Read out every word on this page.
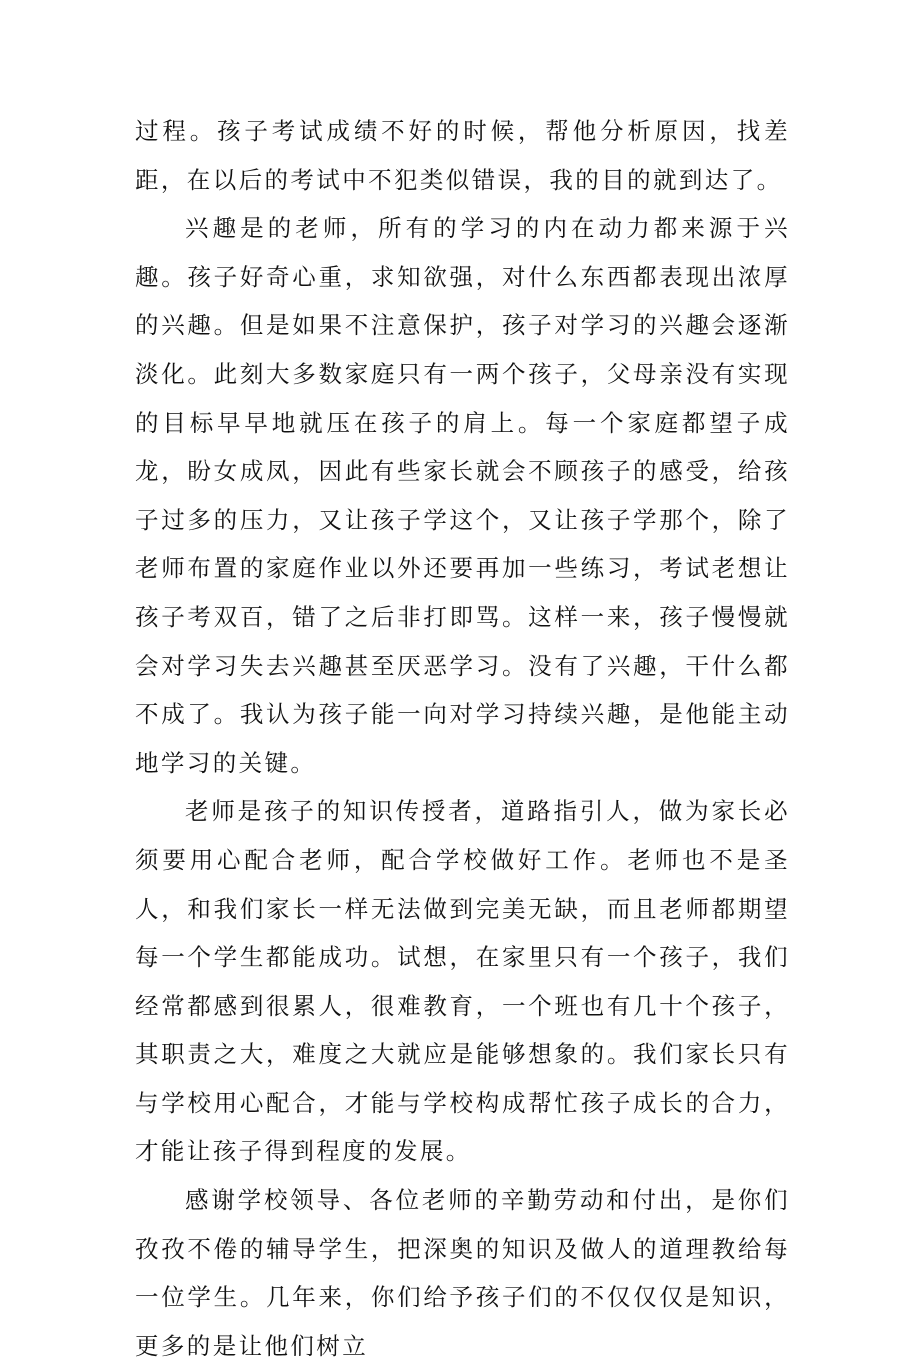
过程。孩子考试成绩不好的时候，帮他分析原因，找差距，在以后的考试中不犯类似错误，我的目的就到达了。

兴趣是的老师，所有的学习的内在动力都来源于兴趣。孩子好奇心重，求知欲强，对什么东西都表现出浓厚的兴趣。但是如果不注意保护，孩子对学习的兴趣会逐渐淡化。此刻大多数家庭只有一两个孩子，父母亲没有实现的目标早早地就压在孩子的肩上。每一个家庭都望子成龙，盼女成凤，因此有些家长就会不顾孩子的感受，给孩子过多的压力，又让孩子学这个，又让孩子学那个，除了老师布置的家庭作业以外还要再加一些练习，考试老想让孩子考双百，错了之后非打即骂。这样一来，孩子慢慢就会对学习失去兴趣甚至厌恶学习。没有了兴趣，干什么都不成了。我认为孩子能一向对学习持续兴趣，是他能主动地学习的关键。

老师是孩子的知识传授者，道路指引人，做为家长必须要用心配合老师，配合学校做好工作。老师也不是圣人，和我们家长一样无法做到完美无缺，而且老师都期望每一个学生都能成功。试想，在家里只有一个孩子，我们经常都感到很累人，很难教育，一个班也有几十个孩子，其职责之大，难度之大就应是能够想象的。我们家长只有与学校用心配合，才能与学校构成帮忙孩子成长的合力，才能让孩子得到程度的发展。

感谢学校领导、各位老师的辛勤劳动和付出，是你们孜孜不倦的辅导学生，把深奥的知识及做人的道理教给每一位学生。几年来，你们给予孩子们的不仅仅仅是知识，更多的是让他们树立
